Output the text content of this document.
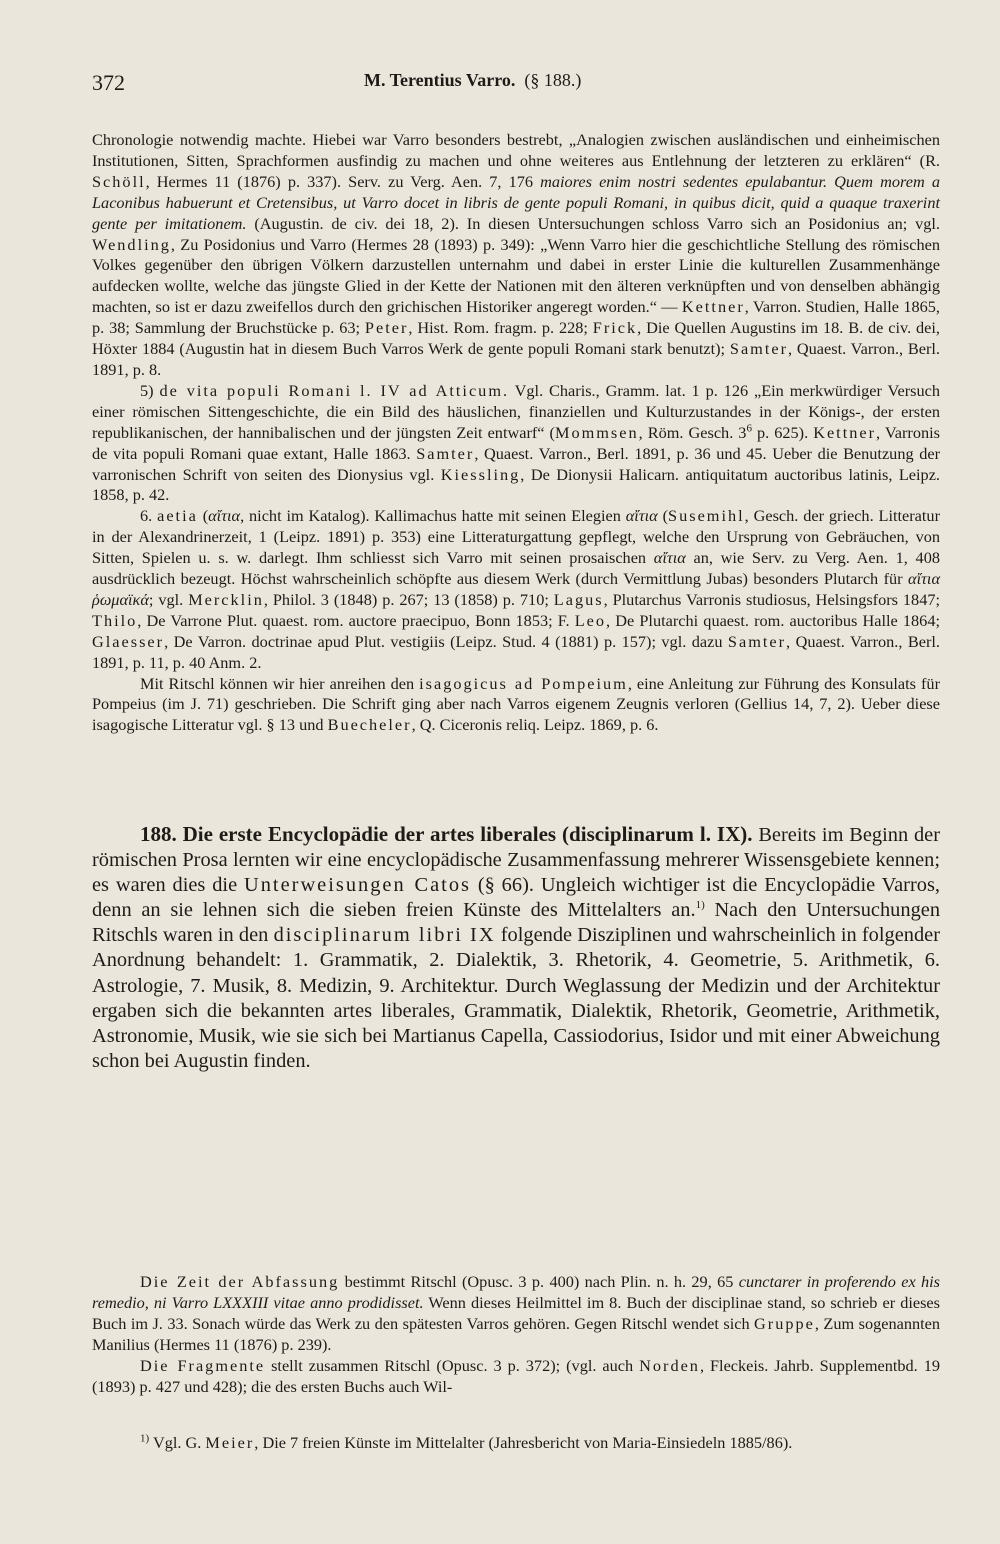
372	M. Terentius Varro. (§ 188.)

Chronologie notwendig machte. Hiebei war Varro besonders bestrebt, „Analogien zwischen ausländischen und einheimischen Institutionen, Sitten, Sprachformen ausfindig zu machen und ohne weiteres aus Entlehnung der letzteren zu erklären“ (R. Schöll, Hermes 11 (1876) p. 337). Serv. zu Verg. Aen. 7, 176 maiores enim nostri sedentes epulabantur. Quem morem a Laconibus habuerunt et Cretensibus, ut Varro docet in libris de gente populi Romani, in quibus dicit, quid a quaque traxerint gente per imitationem. (Augustin. de civ. dei 18, 2). In diesen Untersuchungen schloss Varro sich an Posidonius an; vgl. Wendling, Zu Posidonius und Varro (Hermes 28 (1893) p. 349): „Wenn Varro hier die geschichtliche Stellung des römischen Volkes gegenüber den übrigen Völkern darzustellen unternahm und dabei in erster Linie die kulturellen Zusammenhänge aufdecken wollte, welche das jüngste Glied in der Kette der Nationen mit den älteren verknüpften und von denselben abhängig machten, so ist er dazu zweifellos durch den grichischen Historiker angeregt worden.“ — Kettner, Varron. Studien, Halle 1865, p. 38; Sammlung der Bruchstücke p. 63; Peter, Hist. Rom. fragm. p. 228; Frick, Die Quellen Augustins im 18. B. de civ. dei, Höxter 1884 (Augustin hat in diesem Buch Varros Werk de gente populi Romani stark benutzt); Samter, Quaest. Varron., Berl. 1891, p. 8.

5) de vita populi Romani l. IV ad Atticum. Vgl. Charis., Gramm. lat. 1 p. 126 „Ein merkwürdiger Versuch einer römischen Sittengeschichte, die ein Bild des häuslichen, finanziellen und Kulturzustandes in der Königs-, der ersten republikanischen, der hannibalischen und der jüngsten Zeit entwarf“ (Mommsen, Röm. Gesch. $3^6$ p. 625). Kettner, Varronis de vita populi Romani quae extant, Halle 1863. Samter, Quaest. Varron., Berl. 1891, p. 36 und 45. Ueber die Benutzung der varronischen Schrift von seiten des Dionysius vgl. Kiessling, De Dionysii Halicarn. antiquitatum auctoribus latinis, Leipz. 1858, p. 42.

6. aetia (αἴτια, nicht im Katalog). Kallimachus hatte mit seinen Elegien αἴτια (Susemihl, Gesch. der griech. Litteratur in der Alexandrinerzeit, 1 (Leipz. 1891) p. 353) eine Litteraturgattung gepflegt, welche den Ursprung von Gebräuchen, von Sitten, Spielen u. s. w. darlegt. Ihm schliesst sich Varro mit seinen prosaischen αἴτια an, wie Serv. zu Verg. Aen. 1, 408 ausdrücklich bezeugt. Höchst wahrscheinlich schöpfte aus diesem Werk (durch Vermittlung Jubas) besonders Plutarch für αἴτια ῥωμαϊκά; vgl. Mercklin, Philol. 3 (1848) p. 267; 13 (1858) p. 710; Lagus, Plutarchus Varronis studiosus, Helsingsfors 1847; Thilo, De Varrone Plut. quaest. rom. auctore praecipuo, Bonn 1853; F. Leo, De Plutarchi quaest. rom. auctoribus Halle 1864; Glaesser, De Varron. doctrinae apud Plut. vestigiis (Leipz. Stud. 4 (1881) p. 157); vgl. dazu Samter, Quaest. Varron., Berl. 1891, p. 11, p. 40 Anm. 2.

Mit Ritschl können wir hier anreihen den isagogicus ad Pompeium, eine Anleitung zur Führung des Konsulats für Pompeius (im J. 71) geschrieben. Die Schrift ging aber nach Varros eigenem Zeugnis verloren (Gellius 14, 7, 2). Ueber diese isagogische Litteratur vgl. § 13 und Buecheler, Q. Ciceronis reliq. Leipz. 1869, p. 6.

188. Die erste Encyclopädie der artes liberales (disciplinarum l. IX). Bereits im Beginn der römischen Prosa lernten wir eine encyclopädische Zusammenfassung mehrerer Wissensgebiete kennen; es waren dies die Unterweisungen Catos (§ 66). Ungleich wichtiger ist die Encyclopädie Varros, denn an sie lehnen sich die sieben freien Künste des Mittelalters an.$^{1)}$ Nach den Untersuchungen Ritschls waren in den disciplinarum libri IX folgende Disziplinen und wahrscheinlich in folgender Anordnung behandelt: 1. Grammatik, 2. Dialektik, 3. Rhetorik, 4. Geometrie, 5. Arithmetik, 6. Astrologie, 7. Musik, 8. Medizin, 9. Architektur. Durch Weglassung der Medizin und der Architektur ergaben sich die bekannten artes liberales, Grammatik, Dialektik, Rhetorik, Geometrie, Arithmetik, Astronomie, Musik, wie sie sich bei Martianus Capella, Cassiodorius, Isidor und mit einer Abweichung schon bei Augustin finden.

Die Zeit der Abfassung bestimmt Ritschl (Opusc. 3 p. 400) nach Plin. n. h. 29, 65 cunctarer in proferendo ex his remedio, ni Varro LXXXIII vitae anno prodidisset. Wenn dieses Heilmittel im 8. Buch der disciplinae stand, so schrieb er dieses Buch im J. 33. Sonach würde das Werk zu den spätesten Varros gehören. Gegen Ritschl wendet sich Gruppe, Zum sogenannten Manilius (Hermes 11 (1876) p. 239).

Die Fragmente stellt zusammen Ritschl (Opusc. 3 p. 372); (vgl. auch Norden, Fleckeis. Jahrb. Supplementbd. 19 (1893) p. 427 und 428); die des ersten Buchs auch Wil-

$^{1)}$ Vgl. G. Meier, Die 7 freien Künste im Mittelalter (Jahresbericht von Maria-Einsiedeln 1885/86).
